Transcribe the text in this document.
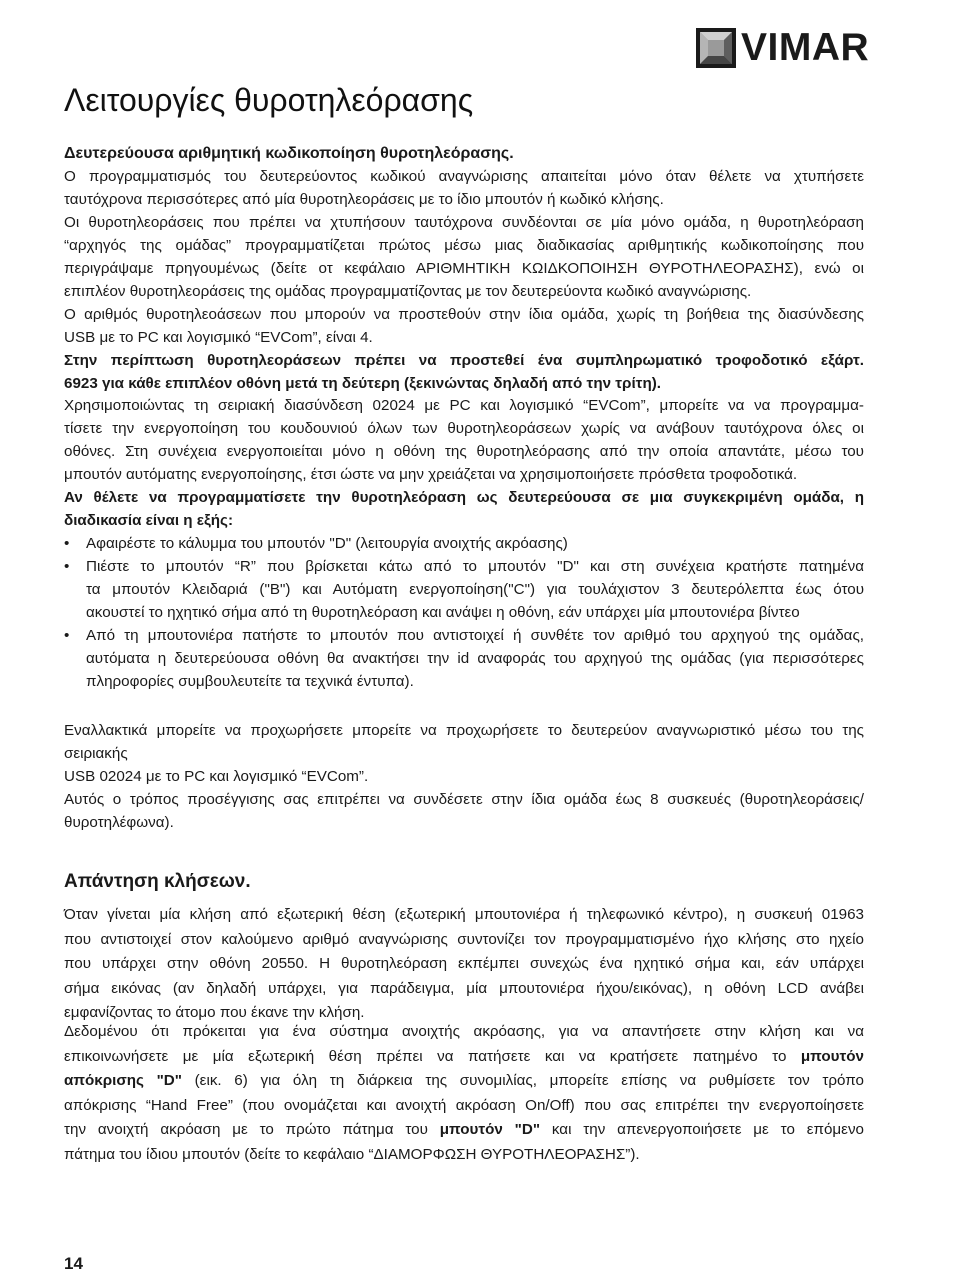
VIMAR
Λειτουργίες θυροτηλεόρασης

Δευτερεύουσα αριθμητική κωδικοποίηση θυροτηλεόρασης.

Ο προγραμματισμός του δευτερεύοντος κωδικού αναγνώρισης απαιτείται μόνο όταν θέλετε να χτυπήσετε
ταυτόχρονα περισσότερες από μία θυροτηλεοράσεις με το ίδιο μπουτόν ή κωδικό κλήσης.

Οι θυροτηλεοράσεις που πρέπει να χτυπήσουν ταυτόχρονα συνδέονται σε μία μόνο ομάδα, η θυροτηλεόραση
“αρχηγός της ομάδας” προγραμματίζεται πρώτος μέσω μιας διαδικασίας αριθμητικής κωδικοποίησης που
περιγράψαμε πρηγουμένως (δείτε οτ κεφάλαιο ΑΡΙΘΜΗΤΙΚΗ ΚΩΙΔΚΟΠΟΙΗΣΗ ΘΥΡΟΤΗΛΕΟΡΑΣΗΣ), ενώ οι
επιπλέον θυροτηλεοράσεις της ομάδας προγραμματίζοντας με τον δευτερεύοντα κωδικό αναγνώρισης.

Ο αριθμός θυροτηλεοάσεων που μπορούν να προστεθούν στην ίδια ομάδα, χωρίς τη βοήθεια της διασύνδεσης
USB με το PC και λογισμικό “EVCom”, είναι 4.

Στην περίπτωση θυροτηλεοράσεων πρέπει να προστεθεί ένα συμπληρωματικό τροφοδοτικό εξάρτ.
6923 για κάθε επιπλέον οθόνη μετά τη δεύτερη (ξεκινώντας δηλαδή από την τρίτη).

Χρησιμοποιώντας τη σειριακή διασύνδεση 02024 με PC και λογισμικό “EVCom”, μπορείτε να να προγραμμα-
τίσετε την ενεργοποίηση του κουδουνιού όλων των θυροτηλεοράσεων χωρίς να ανάβουν ταυτόχρονα όλες οι
οθόνες. Στη συνέχεια ενεργοποιείται μόνο η οθόνη της θυροτηλεόρασης από την οποία απαντάτε, μέσω του
μπουτόν αυτόματης ενεργοποίησης, έτσι ώστε να μην χρειάζεται να χρησιμοποιήσετε πρόσθετα τροφοδοτικά.

Αν θέλετε να προγραμματίσετε την θυροτηλεόραση ως δευτερεύουσα σε μια συγκεκριμένη ομάδα, η
διαδικασία είναι η εξής:

•	Αφαιρέστε το κάλυμμα του μπουτόν "D" (λειτουργία ανοιχτής ακρόασης)
•	Πιέστε το μπουτόν “R” που βρίσκεται κάτω από το μπουτόν "D" και στη συνέχεια κρατήστε πατημένα
τα μπουτόν Κλειδαριά ("B") και Αυτόματη ενεργοποίηση("C") για τουλάχιστον 3 δευτερόλεπτα έως ότου
ακουστεί το ηχητικό σήμα από τη θυροτηλεόραση και ανάψει η οθόνη, εάν υπάρχει μία μπουτονιέρα βίντεο
•	Από τη μπουτονιέρα πατήστε το μπουτόν που αντιστοιχεί ή συνθέτε τον αριθμό του αρχηγού της ομάδας,
αυτόματα η δευτερεύουσα οθόνη θα ανακτήσει την id αναφοράς του αρχηγού της ομάδας (για περισσότερες
πληροφορίες συμβουλευτείτε τα τεχνικά έντυπα).
Εναλλακτικά μπορείτε να προχωρήσετε μπορείτε να προχωρήσετε το δευτερεύον αναγνωριστικό μέσω του της σειριακής
USB 02024 με το PC και λογισμικό “EVCom”.
Αυτός ο τρόπος προσέγγισης σας επιτρέπει να συνδέσετε στην ίδια ομάδα έως 8 συσκευές (θυροτηλεοράσεις/
θυροτηλέφωνα).

Απάντηση κλήσεων.

Όταν γίνεται μία κλήση από εξωτερική θέση (εξωτερική μπουτονιέρα ή τηλεφωνικό κέντρο), η συσκευή 01963
που αντιστοιχεί στον καλούμενο αριθμό αναγνώρισης συντονίζει τον προγραμματισμένο ήχο κλήσης στο ηχείο
που υπάρχει στην οθόνη 20550. Η θυροτηλεόραση εκπέμπει συνεχώς ένα ηχητικό σήμα και, εάν υπάρχει
σήμα εικόνας (αν δηλαδή υπάρχει, για παράδειγμα, μία μπουτονιέρα ήχου/εικόνας), η οθόνη LCD ανάβει
εμφανίζοντας το άτομο που έκανε την κλήση.

Δεδομένου ότι πρόκειται για ένα σύστημα ανοιχτής ακρόασης, για να απαντήσετε στην κλήση και να
επικοινωνήσετε με μία εξωτερική θέση πρέπει να πατήσετε και να κρατήσετε πατημένο το μπουτόν
απόκρισης "D" (εικ. 6) για όλη τη διάρκεια της συνομιλίας, μπορείτε επίσης να ρυθμίσετε τον τρόπο
απόκρισης “Hand Free” (που ονομάζεται και ανοιχτή ακρόαση On/Off) που σας επιτρέπει την ενεργοποίησετε
την ανοιχτή ακρόαση με το πρώτο πάτημα του μπουτόν "D" και την απενεργοποιήσετε με το επόμενο
πάτημα του ίδιου μπουτόν (δείτε το κεφάλαιο “ΔΙΑΜΟΡΦΩΣΗ ΘΥΡΟΤΗΛΕΟΡΑΣΗΣ”).

14
